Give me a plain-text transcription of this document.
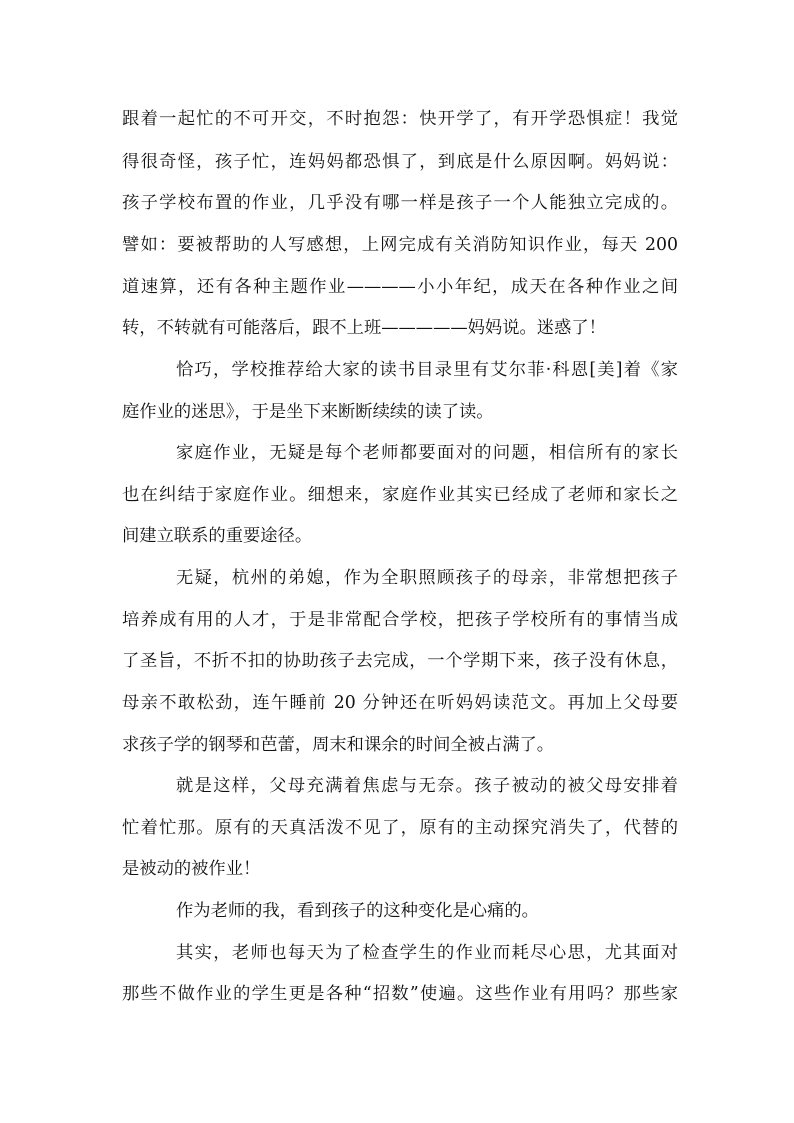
跟着一起忙的不可开交，不时抱怨：快开学了，有开学恐惧症！我觉
得很奇怪，孩子忙，连妈妈都恐惧了，到底是什么原因啊。妈妈说：
孩子学校布置的作业，几乎没有哪一样是孩子一个人能独立完成的。
譬如：要被帮助的人写感想，上网完成有关消防知识作业，每天 200
道速算，还有各种主题作业————小小年纪，成天在各种作业之间
转，不转就有可能落后，跟不上班—————妈妈说。迷惑了！
恰巧，学校推荐给大家的读书目录里有艾尔菲·科恩[美]着《家
庭作业的迷思》，于是坐下来断断续续的读了读。
家庭作业，无疑是每个老师都要面对的问题，相信所有的家长
也在纠结于家庭作业。细想来，家庭作业其实已经成了老师和家长之
间建立联系的重要途径。
无疑，杭州的弟媳，作为全职照顾孩子的母亲，非常想把孩子
培养成有用的人才，于是非常配合学校，把孩子学校所有的事情当成
了圣旨，不折不扣的协助孩子去完成，一个学期下来，孩子没有休息，
母亲不敢松劲，连午睡前 20 分钟还在听妈妈读范文。再加上父母要
求孩子学的钢琴和芭蕾，周末和课余的时间全被占满了。
就是这样，父母充满着焦虑与无奈。孩子被动的被父母安排着
忙着忙那。原有的天真活泼不见了，原有的主动探究消失了，代替的
是被动的被作业！
作为老师的我，看到孩子的这种变化是心痛的。
其实，老师也每天为了检查学生的作业而耗尽心思，尤其面对
那些不做作业的学生更是各种“招数”使遍。这些作业有用吗？那些家
